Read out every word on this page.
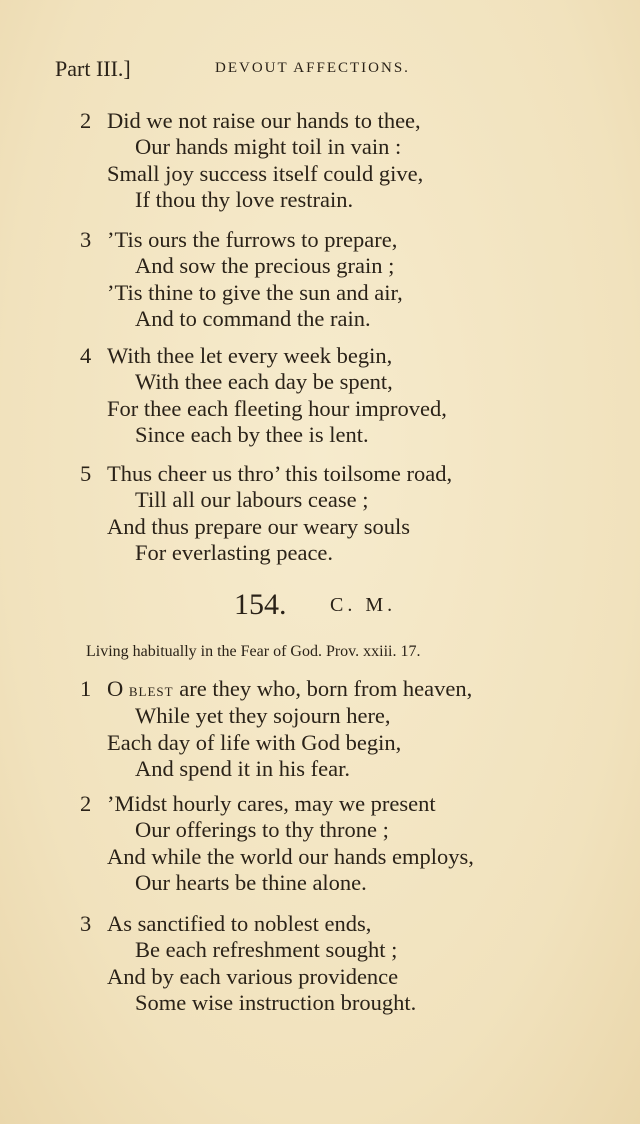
Part III.]	DEVOUT AFFECTIONS.
2 Did we not raise our hands to thee,
Our hands might toil in vain :
Small joy success itself could give,
If thou thy love restrain.
3 ’Tis ours the furrows to prepare,
And sow the precious grain ;
’Tis thine to give the sun and air,
And to command the rain.
4 With thee let every week begin,
With thee each day be spent,
For thee each fleeting hour improved,
Since each by thee is lent.
5 Thus cheer us thro’ this toilsome road,
Till all our labours cease ;
And thus prepare our weary souls
For everlasting peace.
154. C. M.
Living habitually in the Fear of God. Prov. xxiii. 17.
1 O blest are they who, born from heaven,
While yet they sojourn here,
Each day of life with God begin,
And spend it in his fear.
2 ’Midst hourly cares, may we present
Our offerings to thy throne ;
And while the world our hands employs,
Our hearts be thine alone.
3 As sanctified to noblest ends,
Be each refreshment sought ;
And by each various providence
Some wise instruction brought.
